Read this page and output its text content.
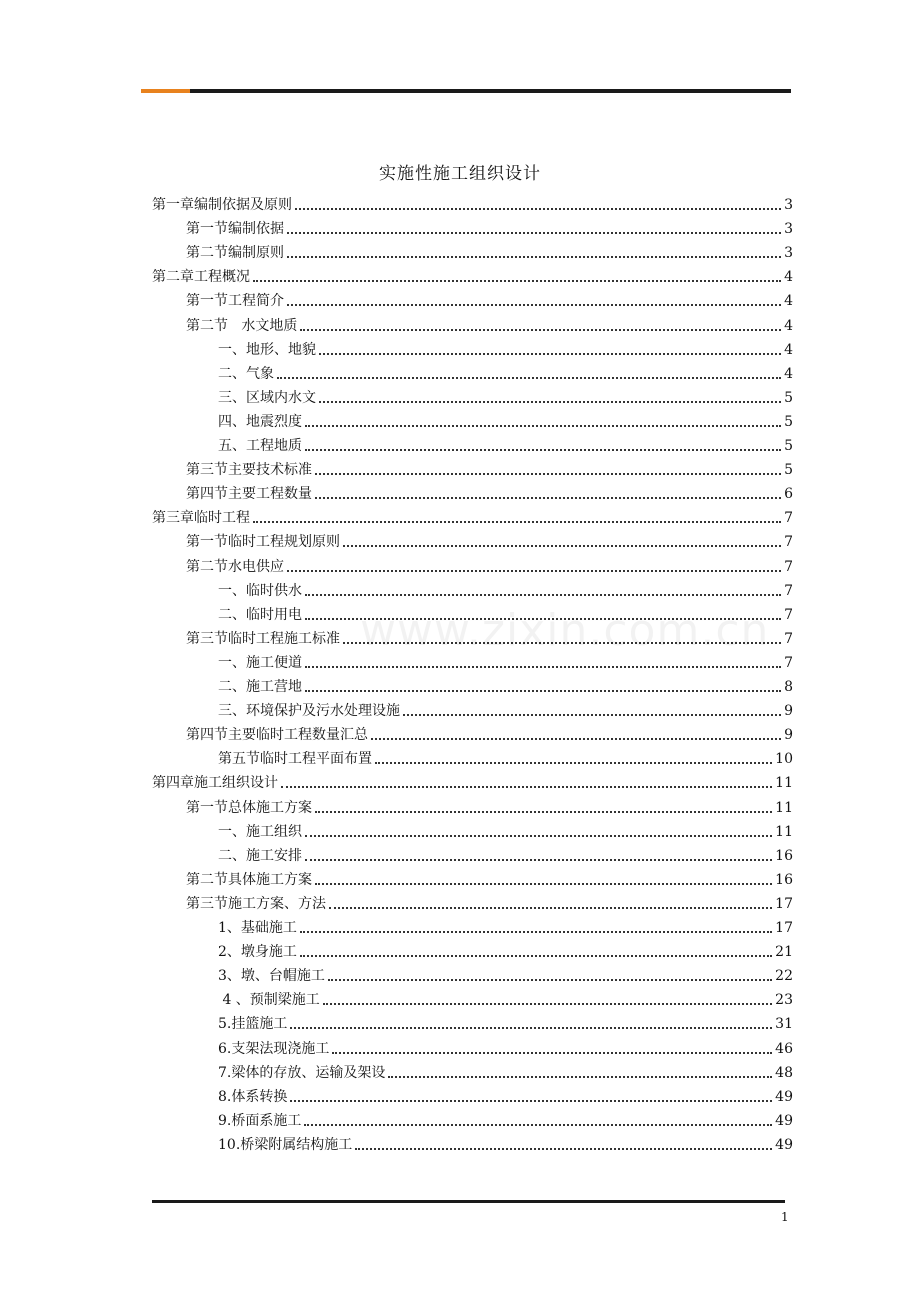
实施性施工组织设计
第一章编制依据及原则	3
第一节编制依据	3
第二节编制原则	3
第二章工程概况	4
第一节工程简介	4
第二节   水文地质	4
一、地形、地貌	4
二、气象	4
三、区域内水文	5
四、地震烈度	5
五、工程地质	5
第三节主要技术标准	5
第四节主要工程数量	6
第三章临时工程	7
第一节临时工程规划原则	7
第二节水电供应	7
一、临时供水	7
二、临时用电	7
第三节临时工程施工标准	7
一、施工便道	7
二、施工营地	8
三、环境保护及污水处理设施	9
第四节主要临时工程数量汇总	9
第五节临时工程平面布置	10
第四章施工组织设计	11
第一节总体施工方案	11
一、施工组织	11
二、施工安排	16
第二节具体施工方案	16
第三节施工方案、方法	17
1、基础施工	17
2、墩身施工	21
3、墩、台帽施工	22
4 、预制梁施工	23
5.挂篮施工	31
6.支架法现浇施工	46
7.梁体的存放、运输及架设	48
8.体系转换	49
9.桥面系施工	49
10.桥梁附属结构施工	49
www.zixin.com.cn
1
